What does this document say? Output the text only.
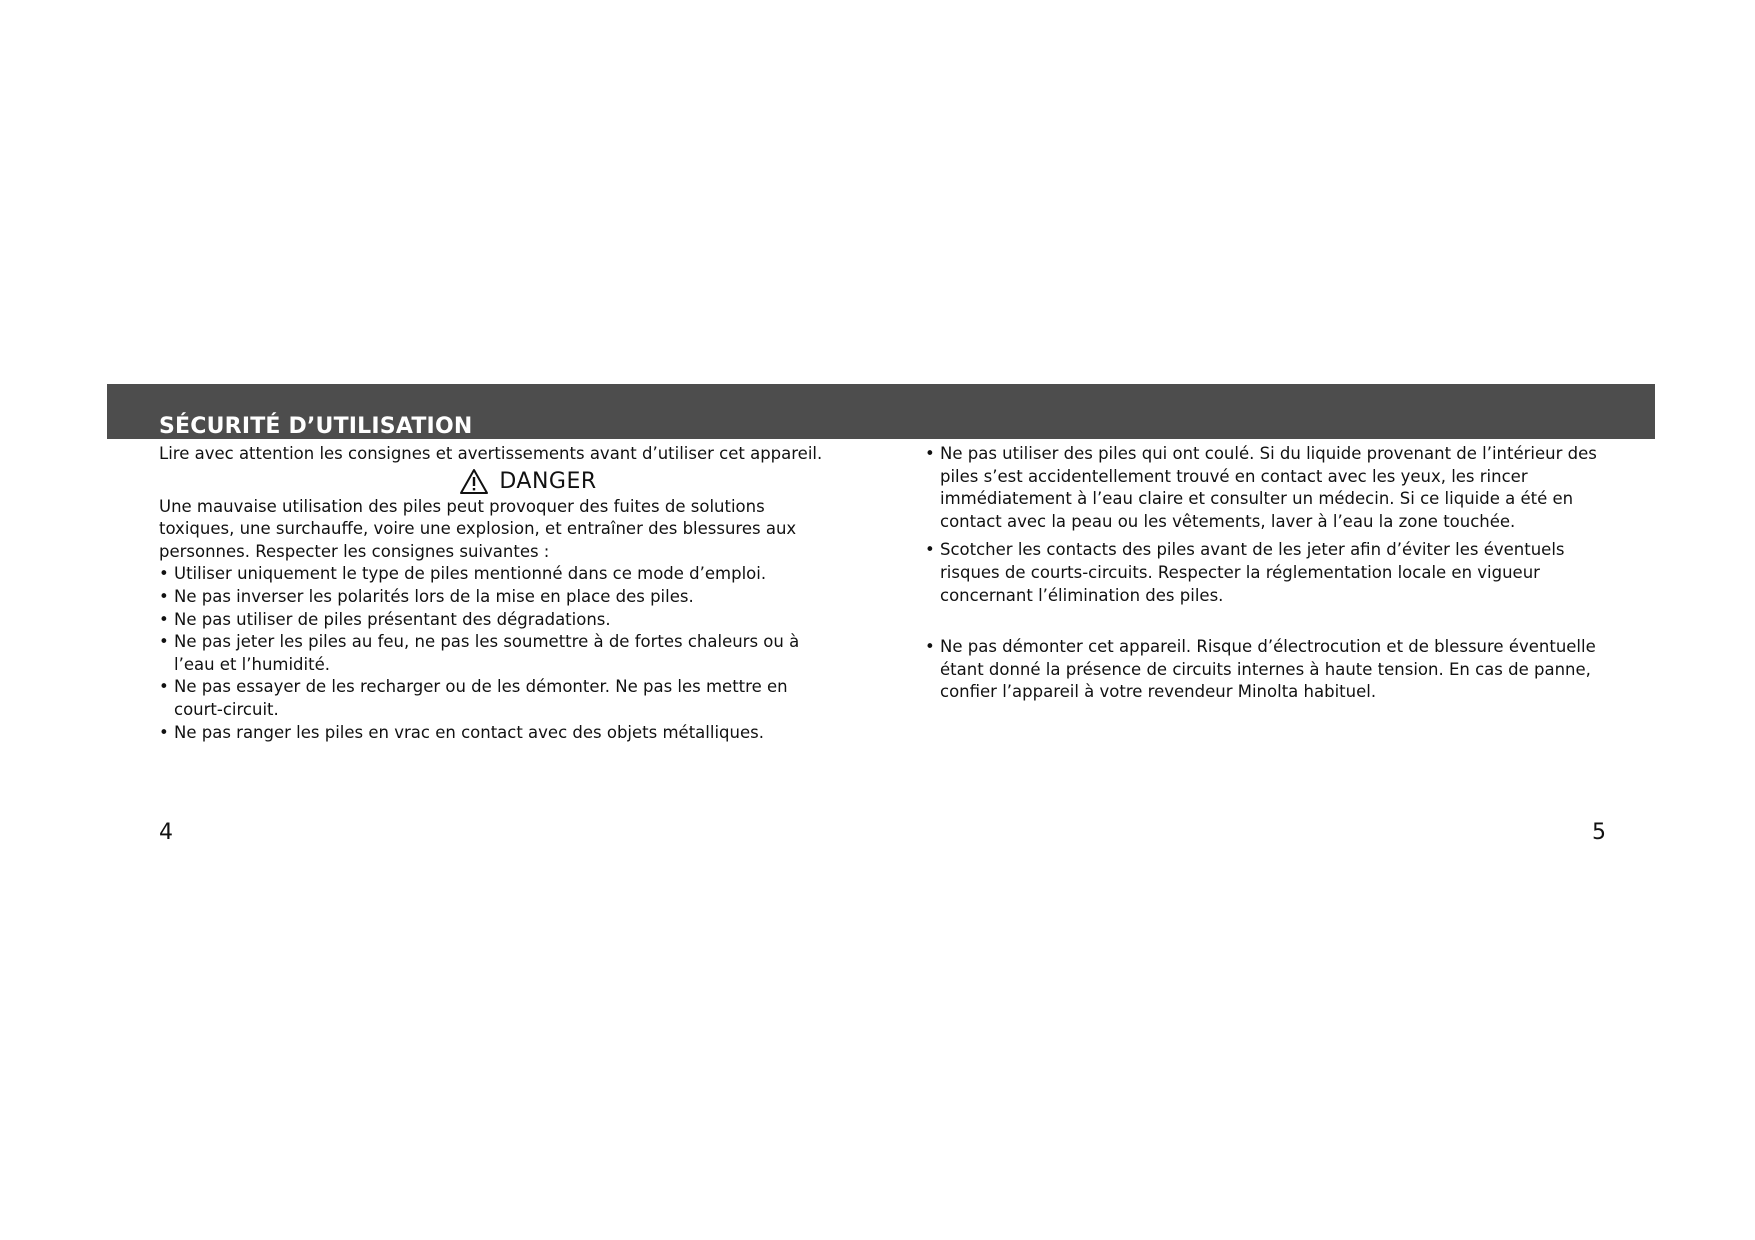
SÉCURITÉ D’UTILISATION

Lire avec attention les consignes et avertissements avant d’utiliser cet appareil.

DANGER

Une mauvaise utilisation des piles peut provoquer des fuites de solutions toxiques, une surchauffe, voire une explosion, et entraîner des blessures aux personnes. Respecter les consignes suivantes :

• Utiliser uniquement le type de piles mentionné dans ce mode d’emploi.
• Ne pas inverser les polarités lors de la mise en place des piles.
• Ne pas utiliser de piles présentant des dégradations.
• Ne pas jeter les piles au feu, ne pas les soumettre à de fortes chaleurs ou à l’eau et l’humidité.
• Ne pas essayer de les recharger ou de les démonter. Ne pas les mettre en court-circuit.
• Ne pas ranger les piles en vrac en contact avec des objets métalliques.
• Ne pas utiliser des piles qui ont coulé. Si du liquide provenant de l’intérieur des piles s’est accidentellement trouvé en contact avec les yeux, les rincer immédiatement à l’eau claire et consulter un médecin. Si ce liquide a été en contact avec la peau ou les vêtements, laver à l’eau la zone touchée.
• Scotcher les contacts des piles avant de les jeter afin d’éviter les éventuels risques de courts-circuits. Respecter la réglementation locale en vigueur concernant l’élimination des piles.
• Ne pas démonter cet appareil. Risque d’électrocution et de blessure éventuelle étant donné la présence de circuits internes à haute tension. En cas de panne, confier l’appareil à votre revendeur Minolta habituel.
4	5
